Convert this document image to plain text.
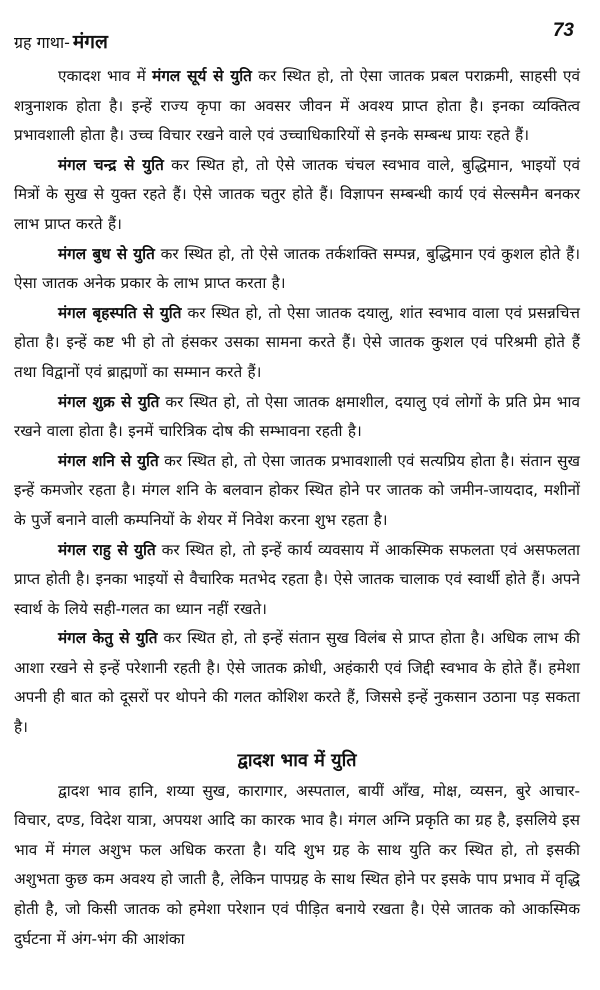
ग्रह गाथा- मंगल
73

एकादश भाव में मंगल सूर्य से युति कर स्थित हो, तो ऐसा जातक प्रबल पराक्रमी, साहसी एवं शत्रुनाशक होता है। इन्हें राज्य कृपा का अवसर जीवन में अवश्य प्राप्त होता है। इनका व्यक्तित्व प्रभावशाली होता है। उच्च विचार रखने वाले एवं उच्चाधिकारियों से इनके सम्बन्ध प्रायः रहते हैं।

मंगल चन्द्र से युति कर स्थित हो, तो ऐसे जातक चंचल स्वभाव वाले, बुद्धिमान, भाइयों एवं मित्रों के सुख से युक्त रहते हैं। ऐसे जातक चतुर होते हैं। विज्ञापन सम्बन्धी कार्य एवं सेल्समैन बनकर लाभ प्राप्त करते हैं।

मंगल बुध से युति कर स्थित हो, तो ऐसे जातक तर्कशक्ति सम्पन्न, बुद्धिमान एवं कुशल होते हैं। ऐसा जातक अनेक प्रकार के लाभ प्राप्त करता है।

मंगल बृहस्पति से युति कर स्थित हो, तो ऐसा जातक दयालु, शांत स्वभाव वाला एवं प्रसन्नचित्त होता है। इन्हें कष्ट भी हो तो हंसकर उसका सामना करते हैं। ऐसे जातक कुशल एवं परिश्रमी होते हैं तथा विद्वानों एवं ब्राह्मणों का सम्मान करते हैं।

मंगल शुक्र से युति कर स्थित हो, तो ऐसा जातक क्षमाशील, दयालु एवं लोगों के प्रति प्रेम भाव रखने वाला होता है। इनमें चारित्रिक दोष की सम्भावना रहती है।

मंगल शनि से युति कर स्थित हो, तो ऐसा जातक प्रभावशाली एवं सत्यप्रिय होता है। संतान सुख इन्हें कमजोर रहता है। मंगल शनि के बलवान होकर स्थित होने पर जातक को जमीन-जायदाद, मशीनों के पुर्जे बनाने वाली कम्पनियों के शेयर में निवेश करना शुभ रहता है।

मंगल राहु से युति कर स्थित हो, तो इन्हें कार्य व्यवसाय में आकस्मिक सफलता एवं असफलता प्राप्त होती है। इनका भाइयों से वैचारिक मतभेद रहता है। ऐसे जातक चालाक एवं स्वार्थी होते हैं। अपने स्वार्थ के लिये सही-गलत का ध्यान नहीं रखते।

मंगल केतु से युति कर स्थित हो, तो इन्हें संतान सुख विलंब से प्राप्त होता है। अधिक लाभ की आशा रखने से इन्हें परेशानी रहती है। ऐसे जातक क्रोधी, अहंकारी एवं जिद्दी स्वभाव के होते हैं। हमेशा अपनी ही बात को दूसरों पर थोपने की गलत कोशिश करते हैं, जिससे इन्हें नुकसान उठाना पड़ सकता है।

द्वादश भाव में युति

द्वादश भाव हानि, शय्या सुख, कारागार, अस्पताल, बायीं आँख, मोक्ष, व्यसन, बुरे आचार-विचार, दण्ड, विदेश यात्रा, अपयश आदि का कारक भाव है। मंगल अग्नि प्रकृति का ग्रह है, इसलिये इस भाव में मंगल अशुभ फल अधिक करता है। यदि शुभ ग्रह के साथ युति कर स्थित हो, तो इसकी अशुभता कुछ कम अवश्य हो जाती है, लेकिन पापग्रह के साथ स्थित होने पर इसके पाप प्रभाव में वृद्धि होती है, जो किसी जातक को हमेशा परेशान एवं पीड़ित बनाये रखता है। ऐसे जातक को आकस्मिक दुर्घटना में अंग-भंग की आशंका
